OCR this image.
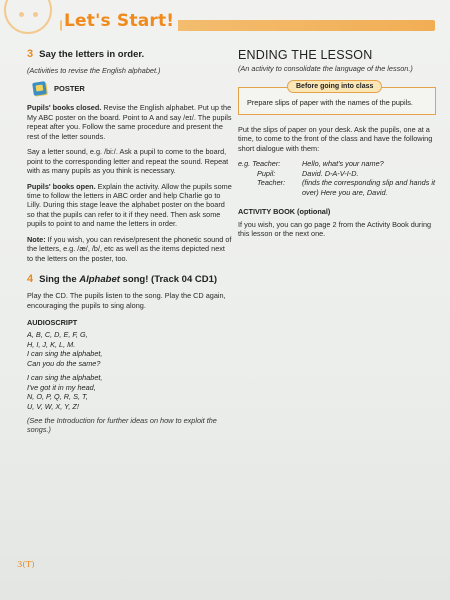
Let's Start!
3 Say the letters in order.
(Activities to revise the English alphabet.)
POSTER

Pupils' books closed. Revise the English alphabet. Put up the My ABC poster on the board. Point to A and say /eɪ/. The pupils repeat after you. Follow the same procedure and present the rest of the letter sounds.

Say a letter sound, e.g. /bi:/. Ask a pupil to come to the board, point to the corresponding letter and repeat the sound. Repeat with as many pupils as you think is necessary.

Pupils' books open. Explain the activity. Allow the pupils some time to follow the letters in ABC order and help Charlie go to Lilly. During this stage leave the alphabet poster on the board so that the pupils can refer to it if they need. Then ask some pupils to point to and name the letters in order.

Note: If you wish, you can revise/present the phonetic sound of the letters, e.g. /æ/, /b/, etc as well as the items depicted next to the letters on the poster, too.

4 Sing the Alphabet song! (Track 04 CD1)

Play the CD. The pupils listen to the song. Play the CD again, encouraging the pupils to sing along.

AUDIOSCRIPT
A, B, C, D, E, F, G,
H, I, J, K, L, M.
I can sing the alphabet,
Can you do the same?
I can sing the alphabet,
I've got it in my head,
N, O, P, Q, R, S, T,
U, V, W, X, Y, Z!
(See the Introduction for further ideas on how to exploit the songs.)
ENDING THE LESSON
(An activity to consolidate the language of the lesson.)
Before going into class
Prepare slips of paper with the names of the pupils.

Put the slips of paper on your desk. Ask the pupils, one at a time, to come to the front of the class and have the following short dialogue with them:

e.g. Teacher:	Hello, what's your name?
Pupil:	David. D-A-V-I-D.
Teacher:	(finds the corresponding slip and hands it over) Here you are, David.
ACTIVITY BOOK (optional)

If you wish, you can go page 2 from the Activity Book during this lesson or the next one.

3(T)
